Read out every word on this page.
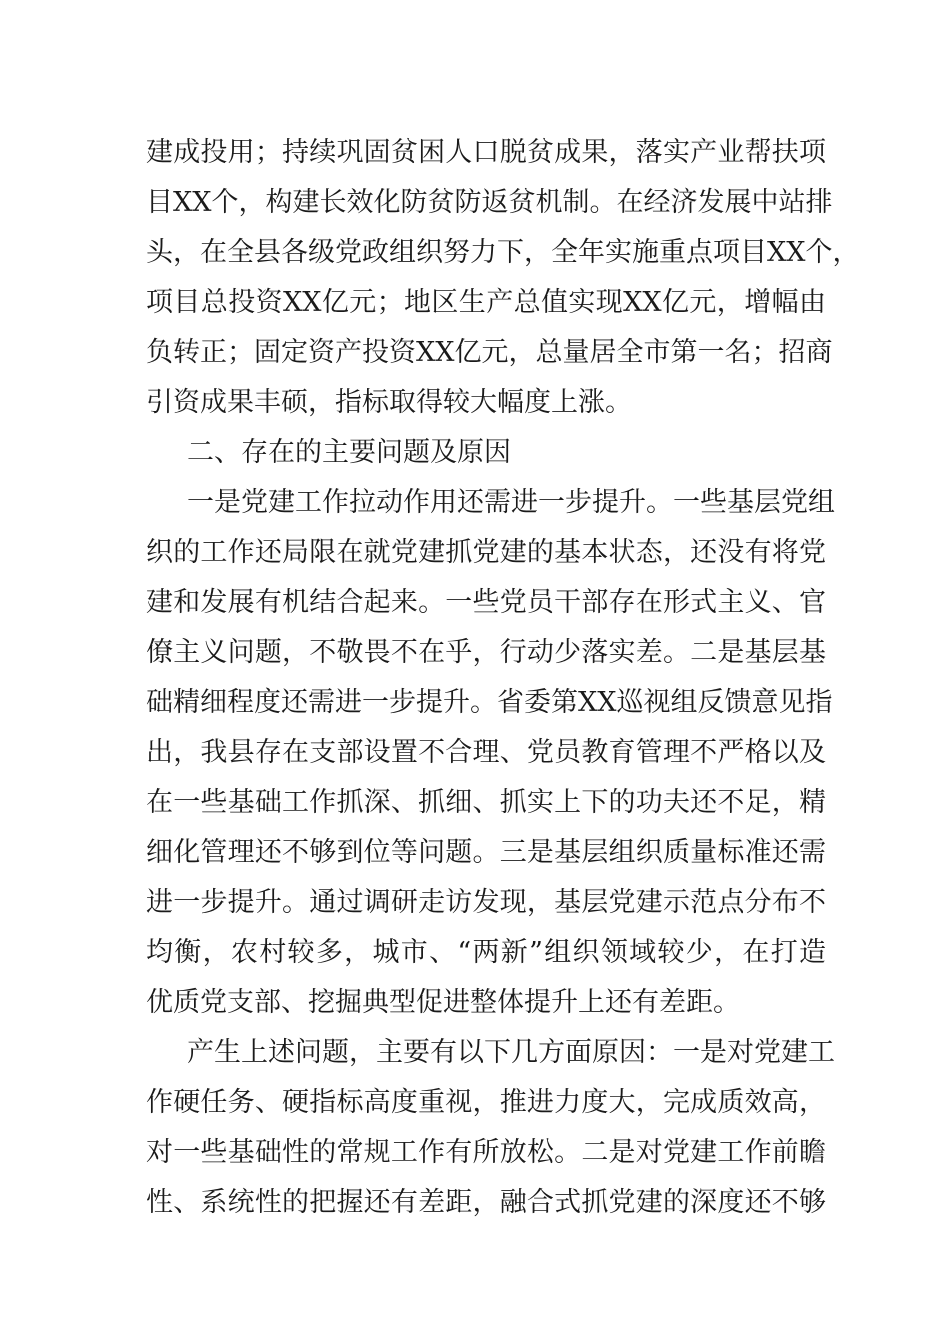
建成投用；持续巩固贫困人口脱贫成果，落实产业帮扶项
目XX个，构建长效化防贫防返贫机制。在经济发展中站排
头，在全县各级党政组织努力下，全年实施重点项目XX个，
项目总投资XX亿元；地区生产总值实现XX亿元，增幅由
负转正；固定资产投资XX亿元，总量居全市第一名；招商
引资成果丰硕，指标取得较大幅度上涨。
二、存在的主要问题及原因
一是党建工作拉动作用还需进一步提升。一些基层党组
织的工作还局限在就党建抓党建的基本状态，还没有将党
建和发展有机结合起来。一些党员干部存在形式主义、官
僚主义问题，不敬畏不在乎，行动少落实差。二是基层基
础精细程度还需进一步提升。省委第XX巡视组反馈意见指
出，我县存在支部设置不合理、党员教育管理不严格以及
在一些基础工作抓深、抓细、抓实上下的功夫还不足，精
细化管理还不够到位等问题。三是基层组织质量标准还需
进一步提升。通过调研走访发现，基层党建示范点分布不
均衡，农村较多，城市、“两新”组织领域较少，在打造
优质党支部、挖掘典型促进整体提升上还有差距。
产生上述问题，主要有以下几方面原因：一是对党建工
作硬任务、硬指标高度重视，推进力度大，完成质效高，
对一些基础性的常规工作有所放松。二是对党建工作前瞻
性、系统性的把握还有差距，融合式抓党建的深度还不够
